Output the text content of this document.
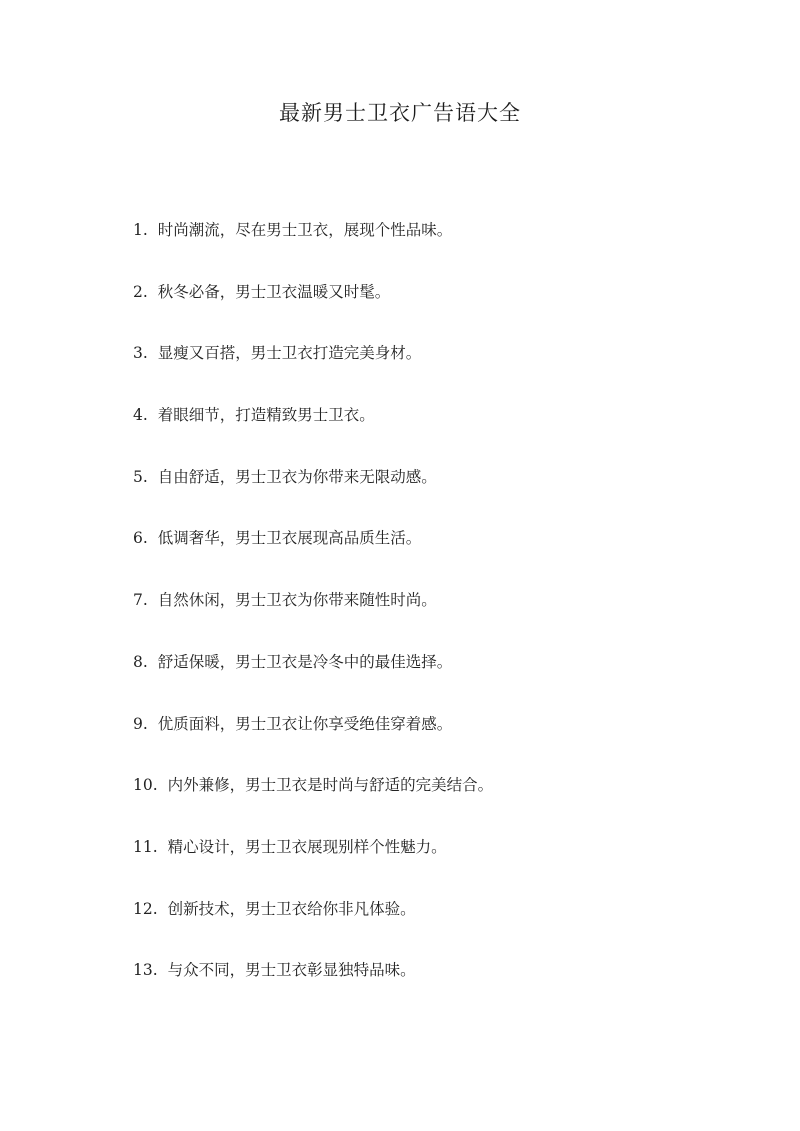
最新男士卫衣广告语大全
1. 时尚潮流，尽在男士卫衣，展现个性品味。
2. 秋冬必备，男士卫衣温暖又时髦。
3. 显瘦又百搭，男士卫衣打造完美身材。
4. 着眼细节，打造精致男士卫衣。
5. 自由舒适，男士卫衣为你带来无限动感。
6. 低调奢华，男士卫衣展现高品质生活。
7. 自然休闲，男士卫衣为你带来随性时尚。
8. 舒适保暖，男士卫衣是冷冬中的最佳选择。
9. 优质面料，男士卫衣让你享受绝佳穿着感。
10. 内外兼修，男士卫衣是时尚与舒适的完美结合。
11. 精心设计，男士卫衣展现别样个性魅力。
12. 创新技术，男士卫衣给你非凡体验。
13. 与众不同，男士卫衣彰显独特品味。
